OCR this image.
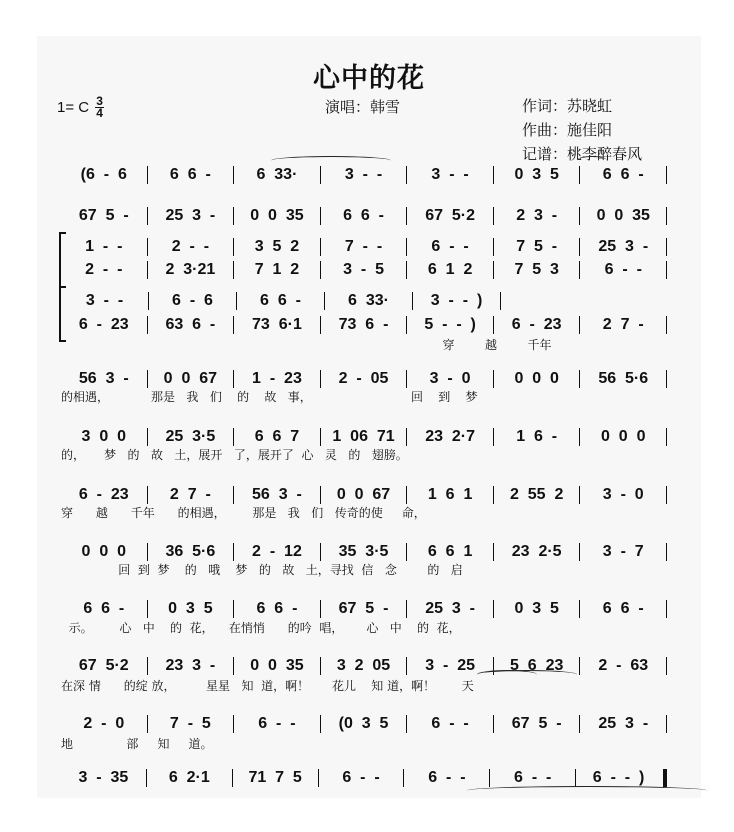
心中的花
1= C $\frac{3}{4}$	演唱：韩雪	作词： 苏晓虹
作曲： 施佳阳
记谱： 桃李醉春风
(6  -  6	6  6  -	6  33·	3  -  -	3  -  -	0  3  5	6  6  -
67  5  -	25  3  -	0  0  35	6  6  -	67  5·2	2  3  -	0  0  35
1  -  -	2  -  -	3  5  2	7  -  -	6  -  -	7  5  -	25  3  -
2  -  -	2  3·21	7  1  2	3  -  5	6  1  2	7  5  3	6  -  -
3  -  -	6  -  6	6  6  -	6  33·	3  -  -  )
6  -  23	63  6  -	73  6·1	73  6  -	5  -  -  )	6  -  23	2  7  -
穿        越        千年
56  3  -	0  0  67	1  -  23	2  -  05	3  -  0	0  0  0	56  5·6
的相遇，           那是   我   们    的    故   事，                          回    到    梦
3  0  0	25  3·5	6  6  7	1  06  71	23  2·7	1  6  -	0  0  0
的，     梦   的   故   土，展开   了，展开了  心   灵   的   翅膀。
6  -  23	2  7  -	56  3  -	0  0  67	1  6  1	2  55  2	3  -  0
穿      越      千年      的相遇，       那是   我   们   传奇的使     命，
0  0  0	36  5·6	2  -  12	35  3·5	6  6  1	23  2·5	3  -  7
回  到  梦    的   哦    梦   的   故   土，寻找  信   念        的   启
6  6  -	0  3  5	6  6  -	67  5  -	25  3  -	0  3  5	6  6  -
示。       心   中    的  花，    在悄悄      的吟  唱，      心   中    的  花，
67  5·2	23  3  -	0  0  35	3  2  05	3  -  25	5  6  23	2  -  63
在深 情      的绽 放，        星星   知  道，啊！      花儿    知 道，啊！       天
2  -  0	7  -  5	6  -  -	(0  3  5	6  -  -	67  5  -	25  3  -
地              部     知     道。
3  -  35	6  2·1	71  7  5	6  -  -	6  -  -	6  -  -	6  -  -  )
